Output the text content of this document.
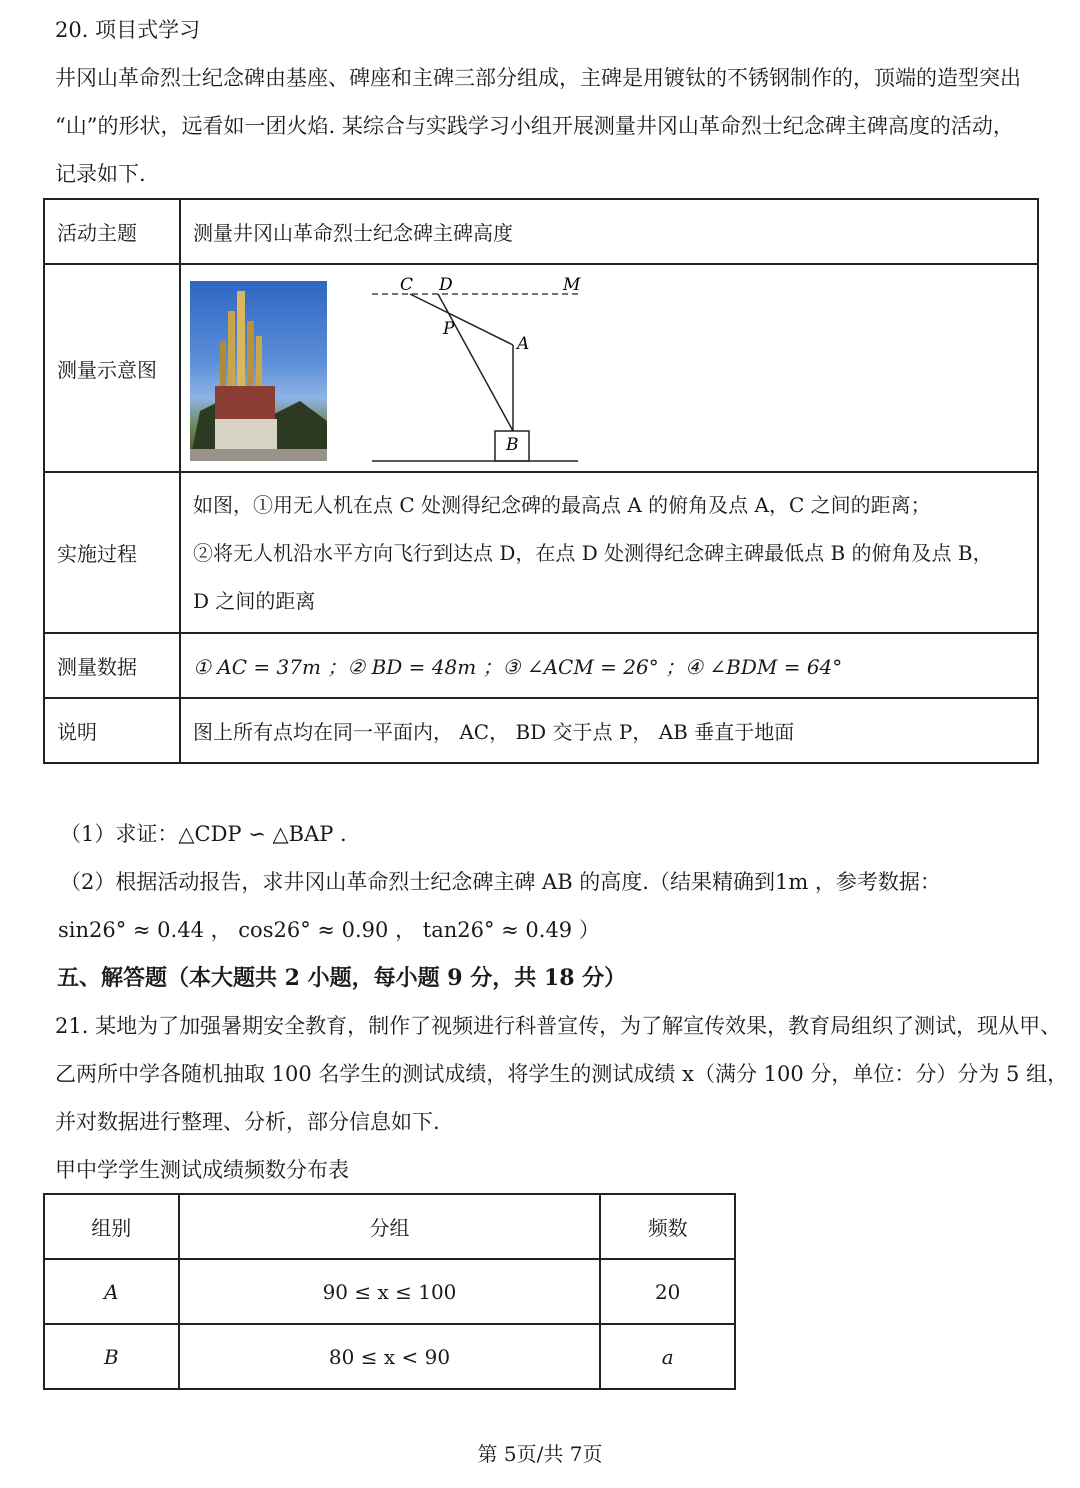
20. 项目式学习
井冈山革命烈士纪念碑由基座、碑座和主碑三部分组成，主碑是用镀钛的不锈钢制作的，顶端的造型突出
“山”的形状，远看如一团火焰. 某综合与实践学习小组开展测量井冈山革命烈士纪念碑主碑高度的活动，
记录如下.
活动主题	测量井冈山革命烈士纪念碑主碑高度
测量示意图	
实施过程	如图，①用无人机在点 C 处测得纪念碑的最高点 A 的俯角及点 A，C 之间的距离；
②将无人机沿水平方向飞行到达点 D，在点 D 处测得纪念碑主碑最低点 B 的俯角及点 B，
D 之间的距离

测量数据	① AC = 37m ；② BD = 48m ；③ ∠ACM = 26° ；④ ∠BDM = 64°
说明	图上所有点均在同一平面内， AC， BD 交于点 P， AB 垂直于地面
C D	M
P
A
B
（1）求证：△CDP ∽ △BAP .
（2）根据活动报告，求井冈山革命烈士纪念碑主碑 AB 的高度.（结果精确到1m ，参考数据：
sin26° ≈ 0.44 ， cos26° ≈ 0.90 ， tan26° ≈ 0.49 ）
五、解答题（本大题共 2 小题，每小题 9 分，共 18 分）
21. 某地为了加强暑期安全教育，制作了视频进行科普宣传，为了解宣传效果，教育局组织了测试，现从甲、
乙两所中学各随机抽取 100 名学生的测试成绩，将学生的测试成绩 x（满分 100 分，单位：分）分为 5 组，
并对数据进行整理、分析，部分信息如下.
甲中学学生测试成绩频数分布表
组别	分组	频数
A	90 ≤ x ≤ 100	20
B	80 ≤ x < 90	a
第 5页/共 7页
